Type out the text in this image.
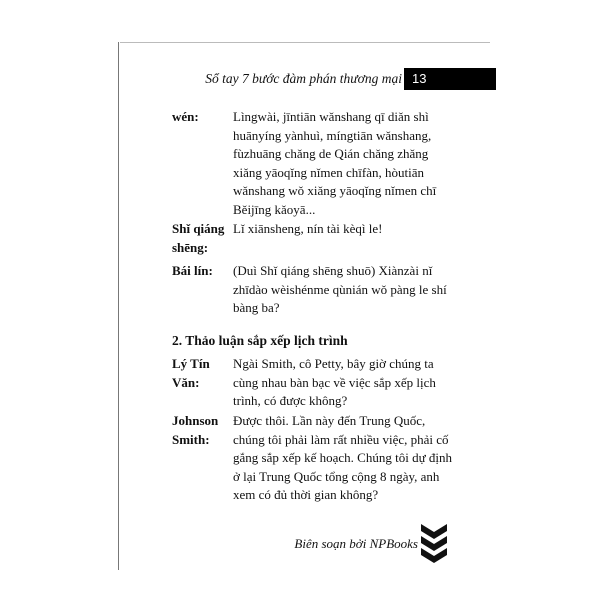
Sổ tay 7 bước đàm phán thương mại 13
wén:	Lìngwài, jīntiān wǎnshang qī diǎn shì huānyíng yànhuì, míngtiān wǎnshang, fùzhuāng chǎng de Qián chǎng zhǎng xiǎng yāoqǐng nǐmen chīfàn, hòutiān wǎnshang wǒ xiǎng yāoqǐng nǐmen chī Běijīng kǎoyā...
Shǐ qiáng shēng:
Lǐ xiānsheng, nín tài kèqì le!
Bái lín:	(Duì Shǐ qiáng shēng shuō) Xiànzài nǐ zhīdào wèishénme qùnián wǒ pàng le shí bàng ba?
2. Thảo luận sắp xếp lịch trình
Lý Tín Văn:
Ngài Smith, cô Petty, bây giờ chúng ta cùng nhau bàn bạc về việc sắp xếp lịch trình, có được không?
Johnson Smith:
Được thôi. Lần này đến Trung Quốc, chúng tôi phải làm rất nhiều việc, phải cố gắng sắp xếp kế hoạch. Chúng tôi dự định ở lại Trung Quốc tổng cộng 8 ngày, anh xem có đủ thời gian không?
Biên soạn bởi NPBooks
